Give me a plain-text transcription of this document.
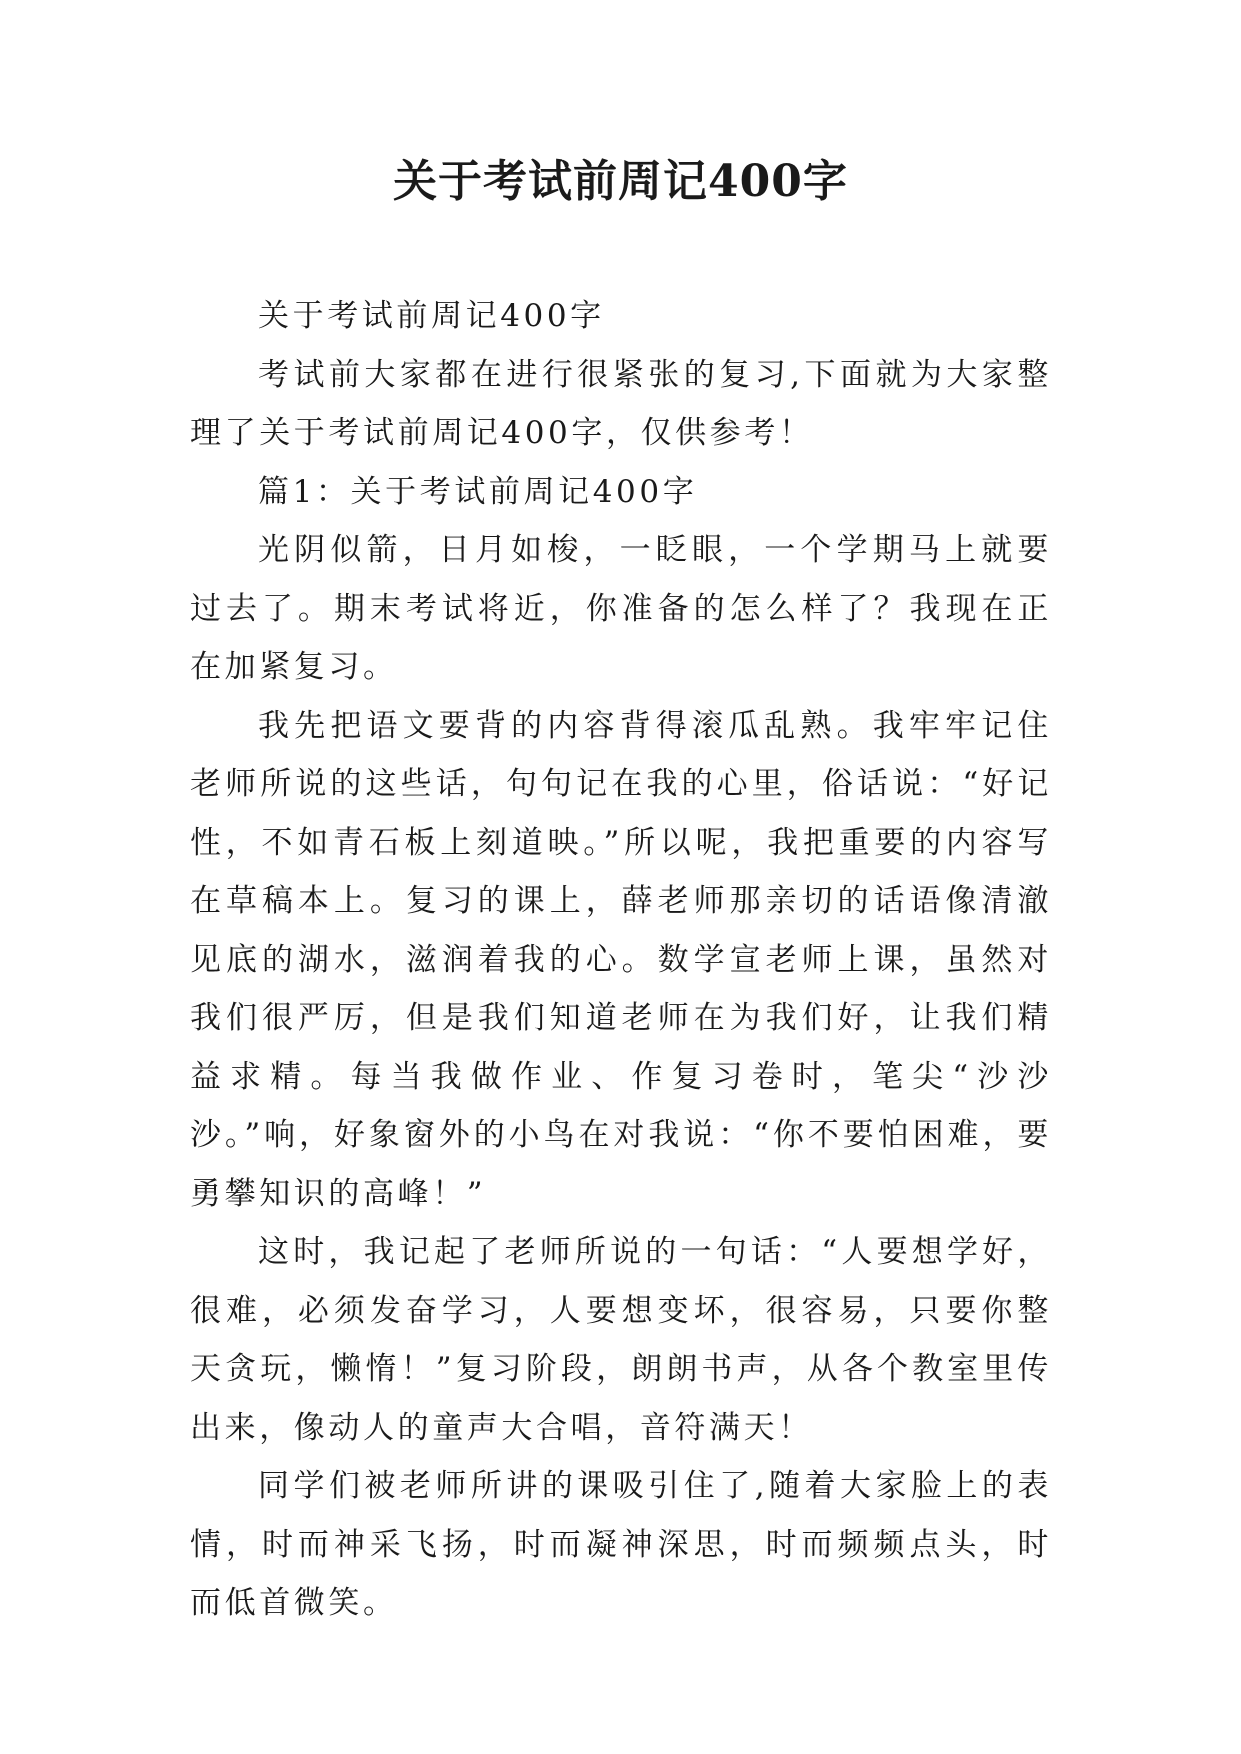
关于考试前周记400字

关于考试前周记400字

考试前大家都在进行很紧张的复习,下面就为大家整理了关于考试前周记400字，仅供参考！

篇1：关于考试前周记400字

光阴似箭，日月如梭，一眨眼，一个学期马上就要过去了。期末考试将近，你准备的怎么样了？我现在正在加紧复习。

我先把语文要背的内容背得滚瓜乱熟。我牢牢记住老师所说的这些话，句句记在我的心里，俗话说：“好记性，不如青石板上刻道映。”所以呢，我把重要的内容写在草稿本上。复习的课上，薛老师那亲切的话语像清澈见底的湖水，滋润着我的心。数学宣老师上课，虽然对我们很严厉，但是我们知道老师在为我们好，让我们精益求精。每当我做作业、作复习卷时，笔尖“沙沙沙。”响，好象窗外的小鸟在对我说：“你不要怕困难，要勇攀知识的高峰！”

这时，我记起了老师所说的一句话：“人要想学好，很难，必须发奋学习，人要想变坏，很容易，只要你整天贪玩，懒惰！”复习阶段，朗朗书声，从各个教室里传出来，像动人的童声大合唱，音符满天！

同学们被老师所讲的课吸引住了,随着大家脸上的表情，时而神采飞扬，时而凝神深思，时而频频点头，时而低首微笑。
